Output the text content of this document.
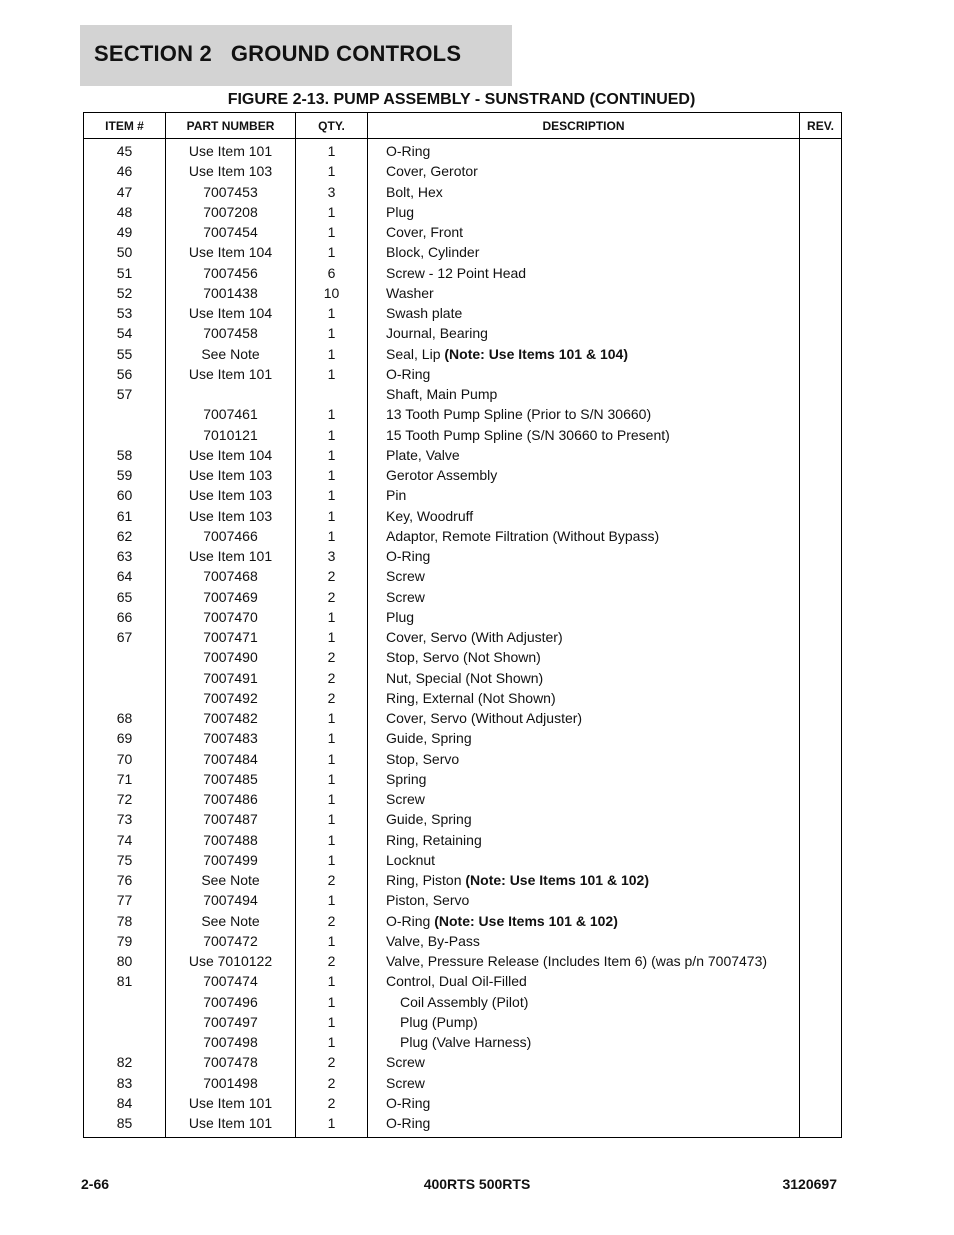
SECTION 2   GROUND CONTROLS
FIGURE 2-13. PUMP ASSEMBLY - SUNSTRAND (CONTINUED)
ITEM #	PART NUMBER	QTY.	DESCRIPTION	REV.
45	Use Item 101	1	O-Ring	
46	Use Item 103	1	Cover, Gerotor	
47	7007453	3	Bolt, Hex	
48	7007208	1	Plug	
49	7007454	1	Cover, Front	
50	Use Item 104	1	Block, Cylinder	
51	7007456	6	Screw - 12 Point Head	
52	7001438	10	Washer	
53	Use Item 104	1	Swash plate	
54	7007458	1	Journal, Bearing	
55	See Note	1	Seal, Lip (Note: Use Items 101 & 104)	
56	Use Item 101	1	O-Ring	
57			Shaft, Main Pump	
	7007461	1	13 Tooth Pump Spline (Prior to S/N 30660)	
	7010121	1	15 Tooth Pump Spline (S/N 30660 to Present)	
58	Use Item 104	1	Plate, Valve	
59	Use Item 103	1	Gerotor Assembly	
60	Use Item 103	1	Pin	
61	Use Item 103	1	Key, Woodruff	
62	7007466	1	Adaptor, Remote Filtration (Without Bypass)	
63	Use Item 101	3	O-Ring	
64	7007468	2	Screw	
65	7007469	2	Screw	
66	7007470	1	Plug	
67	7007471	1	Cover, Servo (With Adjuster)	
	7007490	2	Stop, Servo (Not Shown)	
	7007491	2	Nut, Special (Not Shown)	
	7007492	2	Ring, External (Not Shown)	
68	7007482	1	Cover, Servo (Without Adjuster)	
69	7007483	1	Guide, Spring	
70	7007484	1	Stop, Servo	
71	7007485	1	Spring	
72	7007486	1	Screw	
73	7007487	1	Guide, Spring	
74	7007488	1	Ring, Retaining	
75	7007499	1	Locknut	
76	See Note	2	Ring, Piston (Note: Use Items 101 & 102)	
77	7007494	1	Piston, Servo	
78	See Note	2	O-Ring (Note: Use Items 101 & 102)	
79	7007472	1	Valve, By-Pass	
80	Use 7010122	2	Valve, Pressure Release (Includes Item 6) (was p/n 7007473)	
81	7007474	1	Control, Dual Oil-Filled	
	7007496	1	Coil Assembly (Pilot)	
	7007497	1	Plug (Pump)	
	7007498	1	Plug (Valve Harness)	
82	7007478	2	Screw	
83	7001498	2	Screw	
84	Use Item 101	2	O-Ring	
85	Use Item 101	1	O-Ring	

2-66	400RTS 500RTS	3120697
